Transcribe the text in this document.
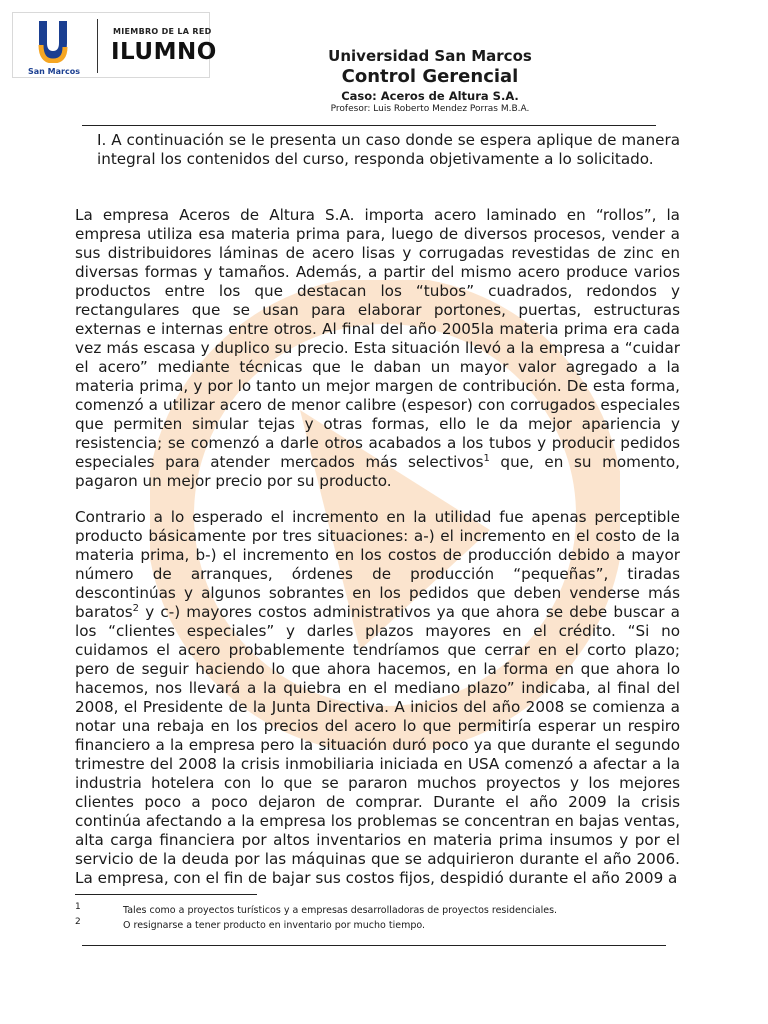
San Marcos
MIEMBRO DE LA RED
ILUMNO	Universidad San Marcos
Control Gerencial
Caso: Aceros de Altura S.A.
Profesor: Luis Roberto Mendez Porras M.B.A.
I. A continuación se le presenta un caso donde se espera aplique de manera integral los contenidos del curso, responda objetivamente a lo solicitado.
La empresa Aceros de Altura S.A. importa acero laminado en “rollos”, la empresa utiliza esa materia prima para, luego de diversos procesos, vender a sus distribuidores láminas de acero lisas y corrugadas revestidas de zinc en diversas formas y tamaños. Además, a partir del mismo acero produce varios productos entre los que destacan los “tubos” cuadrados, redondos y rectangulares que se usan para elaborar portones, puertas, estructuras externas e internas entre otros. Al final del año 2005la materia prima era cada vez más escasa y duplico su precio. Esta situación llevó a la empresa a “cuidar el acero” mediante técnicas que le daban un mayor valor agregado a la materia prima, y por lo tanto un mejor margen de contribución. De esta forma, comenzó a utilizar acero de menor calibre (espesor) con corrugados especiales que permiten simular tejas y otras formas, ello le da mejor apariencia y resistencia; se comenzó a darle otros acabados a los tubos y producir pedidos especiales para atender mercados más selectivos$^1$ que, en su momento, pagaron un mejor precio por su producto.
Contrario a lo esperado el incremento en la utilidad fue apenas perceptible producto básicamente por tres situaciones: a-) el incremento en el costo de la materia prima, b-) el incremento en los costos de producción debido a mayor número de arranques, órdenes de producción “pequeñas”, tiradas descontinúas y algunos sobrantes en los pedidos que deben venderse más baratos$^2$ y c-) mayores costos administrativos ya que ahora se debe buscar a los “clientes especiales” y darles plazos mayores en el crédito. “Si no cuidamos el acero probablemente tendríamos que cerrar en el corto plazo; pero de seguir haciendo lo que ahora hacemos, en la forma en que ahora lo hacemos, nos llevará a la quiebra en el mediano plazo” indicaba, al final del 2008, el Presidente de la Junta Directiva. A inicios del año 2008 se comienza a notar una rebaja en los precios del acero lo que permitiría esperar un respiro financiero a la empresa pero la situación duró poco ya que durante el segundo trimestre del 2008 la crisis inmobiliaria iniciada en USA comenzó a afectar a la industria hotelera con lo que se pararon muchos proyectos y los mejores clientes poco a poco dejaron de comprar. Durante el año 2009 la crisis continúa afectando a la empresa los problemas se concentran en bajas ventas, alta carga financiera por altos inventarios en materia prima insumos y por el servicio de la deuda por las máquinas que se adquirieron durante el año 2006. La empresa, con el fin de bajar sus costos fijos, despidió durante el año 2009 a
1	Tales como a proyectos turísticos y a empresas desarrolladoras de proyectos residenciales.
2	O resignarse a tener producto en inventario por mucho tiempo.
